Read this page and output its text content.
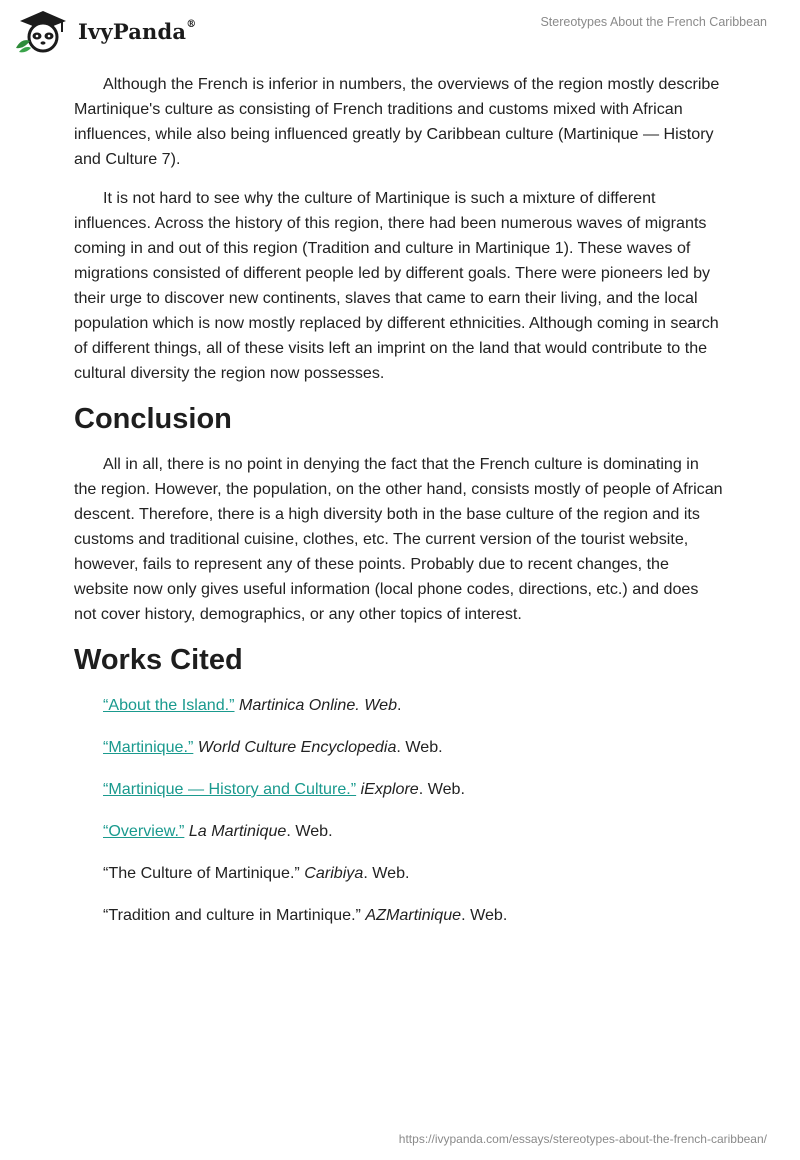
IvyPanda®	Stereotypes About the French Caribbean

Although the French is inferior in numbers, the overviews of the region mostly describe Martinique's culture as consisting of French traditions and customs mixed with African influences, while also being influenced greatly by Caribbean culture (Martinique — History and Culture 7).

It is not hard to see why the culture of Martinique is such a mixture of different influences. Across the history of this region, there had been numerous waves of migrants coming in and out of this region (Tradition and culture in Martinique 1). These waves of migrations consisted of different people led by different goals. There were pioneers led by their urge to discover new continents, slaves that came to earn their living, and the local population which is now mostly replaced by different ethnicities. Although coming in search of different things, all of these visits left an imprint on the land that would contribute to the cultural diversity the region now possesses.

Conclusion

All in all, there is no point in denying the fact that the French culture is dominating in the region. However, the population, on the other hand, consists mostly of people of African descent. Therefore, there is a high diversity both in the base culture of the region and its customs and traditional cuisine, clothes, etc. The current version of the tourist website, however, fails to represent any of these points. Probably due to recent changes, the website now only gives useful information (local phone codes, directions, etc.) and does not cover history, demographics, or any other topics of interest.

Works Cited
“About the Island.” Martinica Online. Web.
“Martinique.” World Culture Encyclopedia. Web.
“Martinique — History and Culture.” iExplore. Web.
“Overview.” La Martinique. Web.
“The Culture of Martinique.” Caribiya. Web.
“Tradition and culture in Martinique.” AZMartinique. Web.
https://ivypanda.com/essays/stereotypes-about-the-french-caribbean/
